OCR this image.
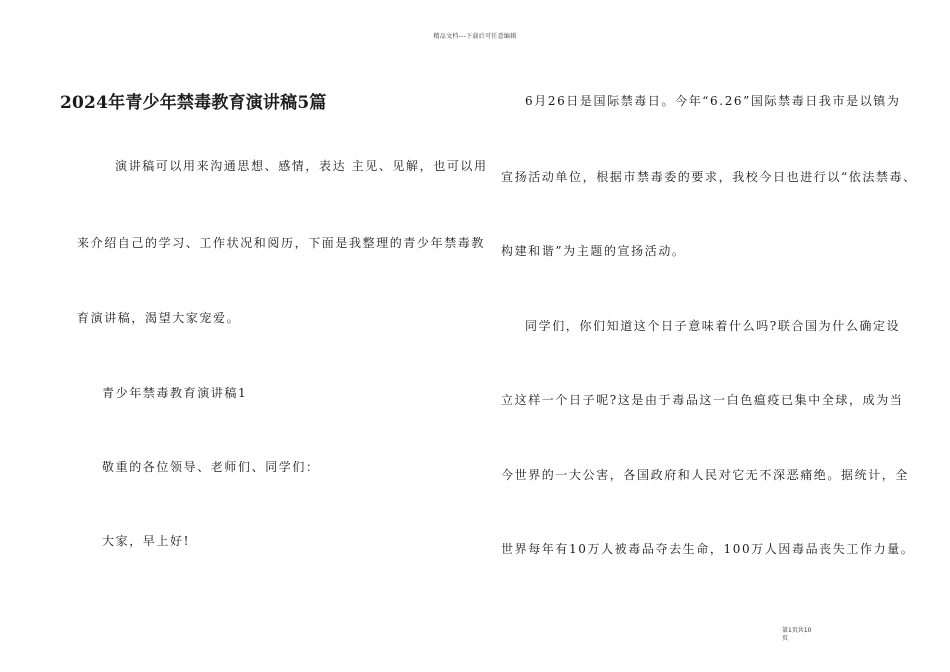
精品文档---下载后可任意编辑
2024年青少年禁毒教育演讲稿5篇
演讲稿可以用来沟通思想、感情，表达 主见、见解，也可以用
来介绍自己的学习、工作状况和阅历，下面是我整理的青少年禁毒教
育演讲稿，渴望大家宠爱。
青少年禁毒教育演讲稿1
敬重的各位领导、老师们、同学们：
大家，早上好!
6月26日是国际禁毒日。今年“6.26”国际禁毒日我市是以镇为
宣扬活动单位，根据市禁毒委的要求，我校今日也进行以“依法禁毒、
构建和谐”为主题的宣扬活动。
同学们，你们知道这个日子意味着什么吗?联合国为什么确定设
立这样一个日子呢?这是由于毒品这一白色瘟疫已集中全球，成为当
今世界的一大公害，各国政府和人民对它无不深恶痛绝。据统计，全
世界每年有10万人被毒品夺去生命，100万人因毒品丧失工作力量。
第1页共10
页
